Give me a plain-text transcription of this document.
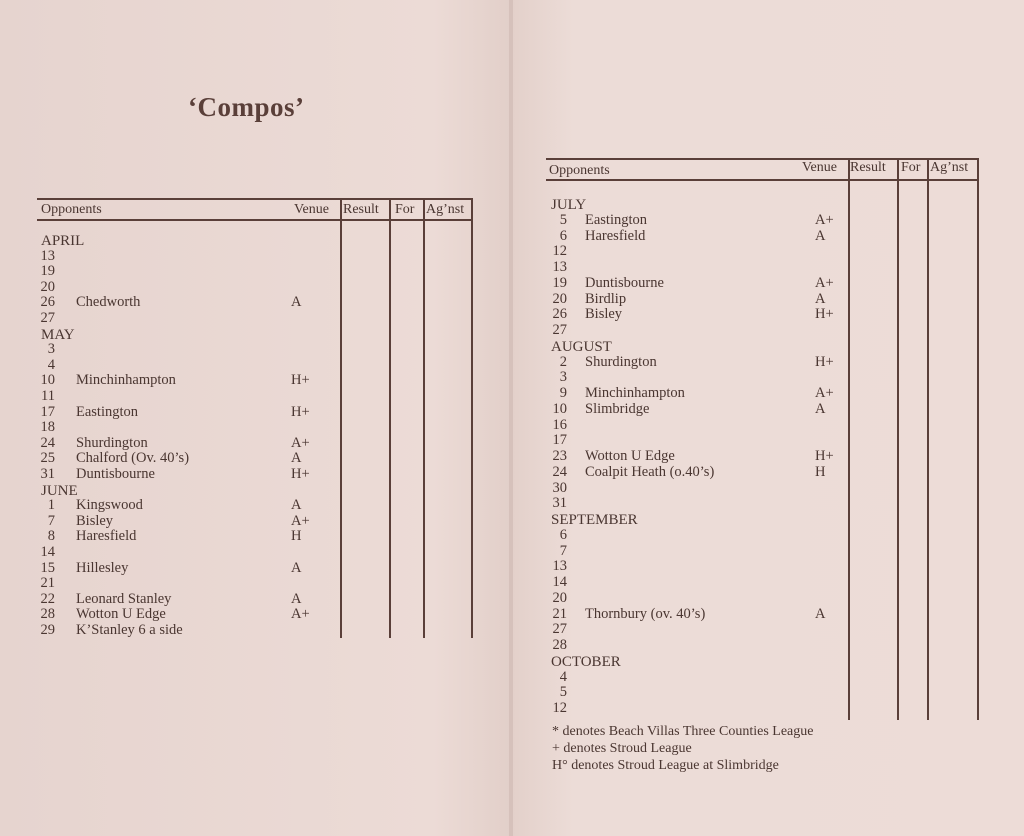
‘Compos’
Opponents	Venue Result For Ag’nst
APRIL
13
19
20
26 Chedworth	A
27
MAY
3
4
10 Minchinhampton	H+
11
17 Eastington	H+
18
24 Shurdington	A+
25 Chalford (Ov. 40’s)	A
31 Duntisbourne	H+
JUNE
1 Kingswood	A
7 Bisley	A+
8 Haresfield	H
14
15 Hillesley	A
21
22 Leonard Stanley	A
28 Wotton U Edge	A+
29 K’Stanley 6 a side
Opponents	Venue Result For Ag’nst
JULY
5 Eastington	A+
6 Haresfield	A
12
13
19 Duntisbourne	A+
20 Birdlip	A
26 Bisley	H+
27
AUGUST
2 Shurdington	H+
3
9 Minchinhampton	A+
10 Slimbridge	A
16
17
23 Wotton U Edge	H+
24 Coalpit Heath (o.40’s)	H
30
31
SEPTEMBER
6
7
13
14
20
21 Thornbury (ov. 40’s)	A
27
28
OCTOBER
4
5
12
* denotes Beach Villas Three Counties League
+ denotes Stroud League
H° denotes Stroud League at Slimbridge
